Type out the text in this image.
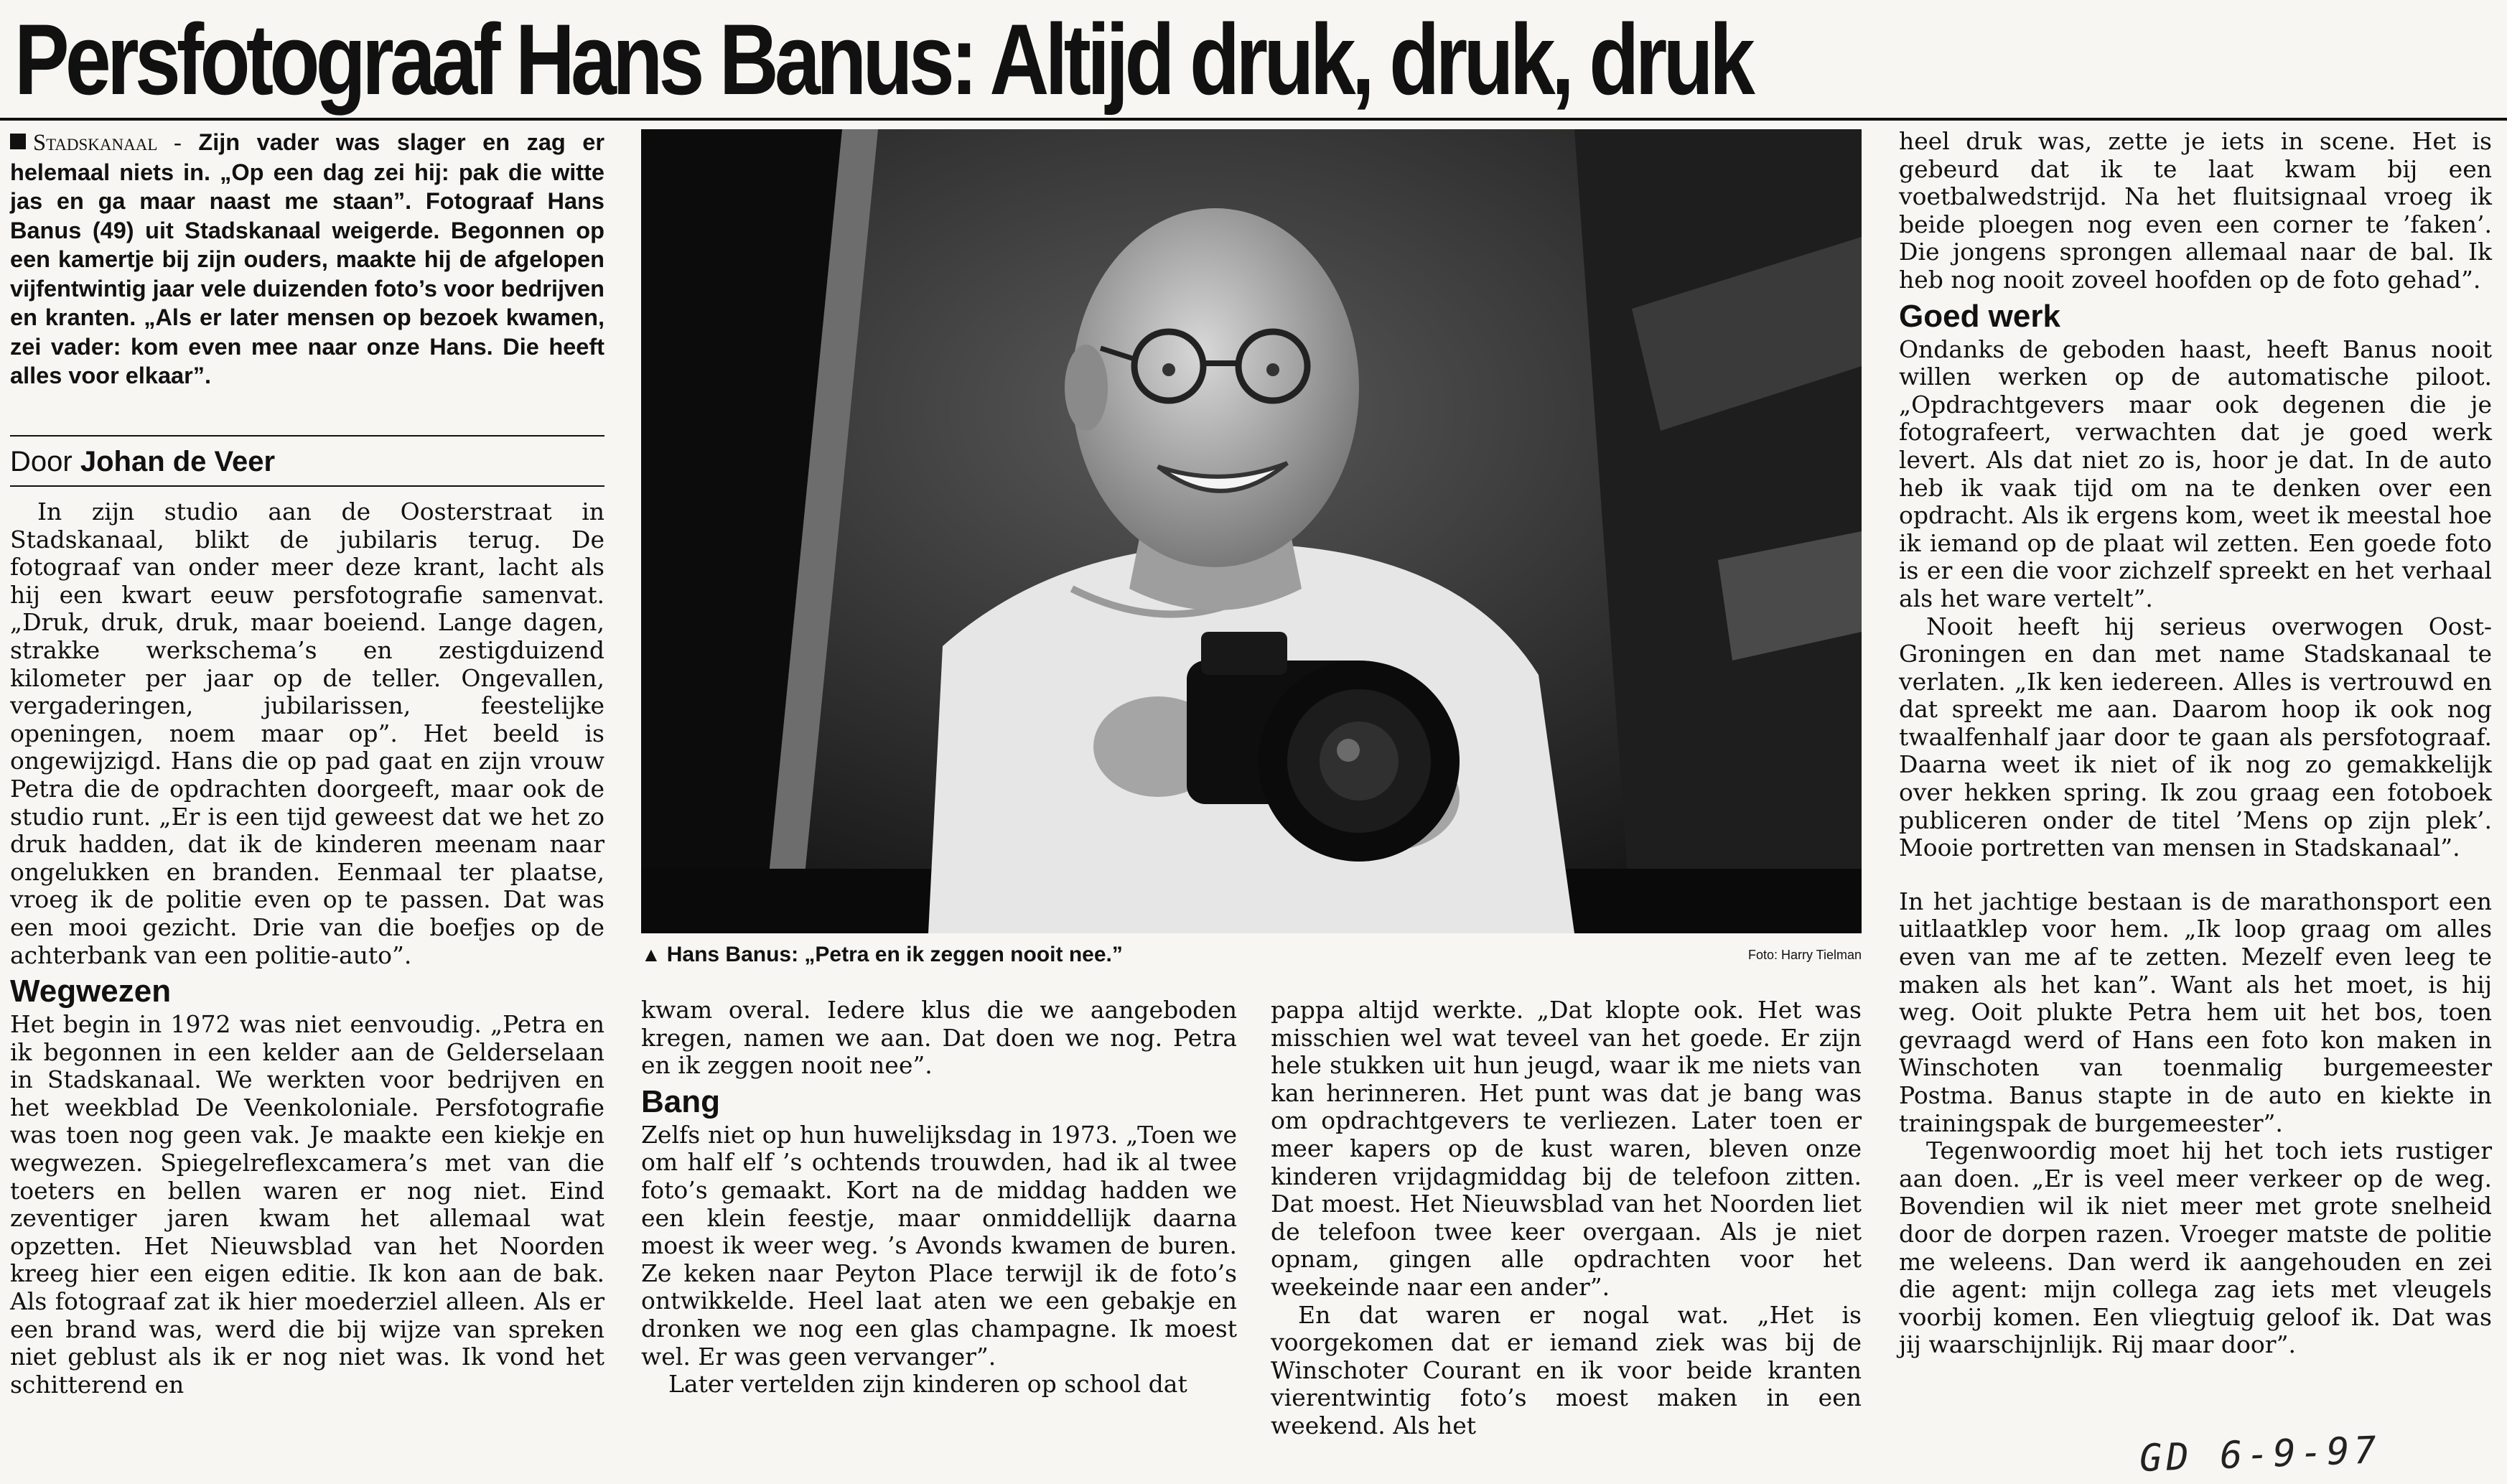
Persfotograaf Hans Banus: Altijd druk, druk, druk
Stadskanaal - Zijn vader was slager en zag er helemaal niets in. „Op een dag zei hij: pak die witte jas en ga maar naast me staan”. Fotograaf Hans Banus (49) uit Stadskanaal weigerde. Begonnen op een kamertje bij zijn ouders, maakte hij de afgelopen vijfentwintig jaar vele duizenden foto’s voor bedrijven en kranten. „Als er later mensen op bezoek kwamen, zei vader: kom even mee naar onze Hans. Die heeft alles voor elkaar”.
Door Johan de Veer

In zijn studio aan de Oosterstraat in Stadskanaal, blikt de jubilaris terug. De fotograaf van onder meer deze krant, lacht als hij een kwart eeuw persfotografie samenvat. „Druk, druk, druk, maar boeiend. Lange dagen, strakke werkschema’s en zestigduizend kilometer per jaar op de teller. Ongevallen, vergaderingen, jubilarissen, feestelijke openingen, noem maar op”. Het beeld is ongewijzigd. Hans die op pad gaat en zijn vrouw Petra die de opdrachten doorgeeft, maar ook de studio runt. „Er is een tijd geweest dat we het zo druk hadden, dat ik de kinderen meenam naar ongelukken en branden. Eenmaal ter plaatse, vroeg ik de politie even op te passen. Dat was een mooi gezicht. Drie van die boefjes op de achterbank van een politie-auto”.

Wegwezen

Het begin in 1972 was niet eenvoudig. „Petra en ik begonnen in een kelder aan de Gelderselaan in Stadskanaal. We werkten voor bedrijven en het weekblad De Veenkoloniale. Persfotografie was toen nog geen vak. Je maakte een kiekje en wegwezen. Spiegelreflexcamera’s met van die toeters en bellen waren er nog niet. Eind zeventiger jaren kwam het allemaal wat opzetten. Het Nieuwsblad van het Noorden kreeg hier een eigen editie. Ik kon aan de bak. Als fotograaf zat ik hier moederziel alleen. Als er een brand was, werd die bij wijze van spreken niet geblust als ik er nog niet was. Ik vond het schitterend en

▲ Hans Banus: „Petra en ik zeggen nooit nee.”	Foto: Harry Tielman

kwam overal. Iedere klus die we aangeboden kregen, namen we aan. Dat doen we nog. Petra en ik zeggen nooit nee”.

Bang

Zelfs niet op hun huwelijksdag in 1973. „Toen we om half elf ’s ochtends trouwden, had ik al twee foto’s gemaakt. Kort na de middag hadden we een klein feestje, maar onmiddellijk daarna moest ik weer weg. ’s Avonds kwamen de buren. Ze keken naar Peyton Place terwijl ik de foto’s ontwikkelde. Heel laat aten we een gebakje en dronken we nog een glas champagne. Ik moest wel. Er was geen vervanger”.

Later vertelden zijn kinderen op school dat

pappa altijd werkte. „Dat klopte ook. Het was misschien wel wat teveel van het goede. Er zijn hele stukken uit hun jeugd, waar ik me niets van kan herinneren. Het punt was dat je bang was om opdrachtgevers te verliezen. Later toen er meer kapers op de kust waren, bleven onze kinderen vrijdagmiddag bij de telefoon zitten. Dat moest. Het Nieuwsblad van het Noorden liet de telefoon twee keer overgaan. Als je niet opnam, gingen alle opdrachten voor het weekeinde naar een ander”.

En dat waren er nogal wat. „Het is voorgekomen dat er iemand ziek was bij de Winschoter Courant en ik voor beide kranten vierentwintig foto’s moest maken in een weekend. Als het

heel druk was, zette je iets in scene. Het is gebeurd dat ik te laat kwam bij een voetbalwedstrijd. Na het fluitsignaal vroeg ik beide ploegen nog even een corner te ’faken’. Die jongens sprongen allemaal naar de bal. Ik heb nog nooit zoveel hoofden op de foto gehad”.

Goed werk

Ondanks de geboden haast, heeft Banus nooit willen werken op de automatische piloot. „Opdrachtgevers maar ook degenen die je fotografeert, verwachten dat je goed werk levert. Als dat niet zo is, hoor je dat. In de auto heb ik vaak tijd om na te denken over een opdracht. Als ik ergens kom, weet ik meestal hoe ik iemand op de plaat wil zetten. Een goede foto is er een die voor zichzelf spreekt en het verhaal als het ware vertelt”.

Nooit heeft hij serieus overwogen Oost-Groningen en dan met name Stadskanaal te verlaten. „Ik ken iedereen. Alles is vertrouwd en dat spreekt me aan. Daarom hoop ik ook nog twaalfenhalf jaar door te gaan als persfotograaf. Daarna weet ik niet of ik nog zo gemakkelijk over hekken spring. Ik zou graag een fotoboek publiceren onder de titel ’Mens op zijn plek’. Mooie portretten van mensen in Stadskanaal”.

In het jachtige bestaan is de marathonsport een uitlaatklep voor hem. „Ik loop graag om alles even van me af te zetten. Mezelf even leeg te maken als het kan”. Want als het moet, is hij weg. Ooit plukte Petra hem uit het bos, toen gevraagd werd of Hans een foto kon maken in Winschoten van toenmalig burgemeester Postma. Banus stapte in de auto en kiekte in trainingspak de burgemeester”.

Tegenwoordig moet hij het toch iets rustiger aan doen. „Er is veel meer verkeer op de weg. Bovendien wil ik niet meer met grote snelheid door de dorpen razen. Vroeger matste de politie me weleens. Dan werd ik aangehouden en zei die agent: mijn collega zag iets met vleugels voorbij komen. Een vliegtuig geloof ik. Dat was jij waarschijnlijk. Rij maar door”.

GD 6-9-97
